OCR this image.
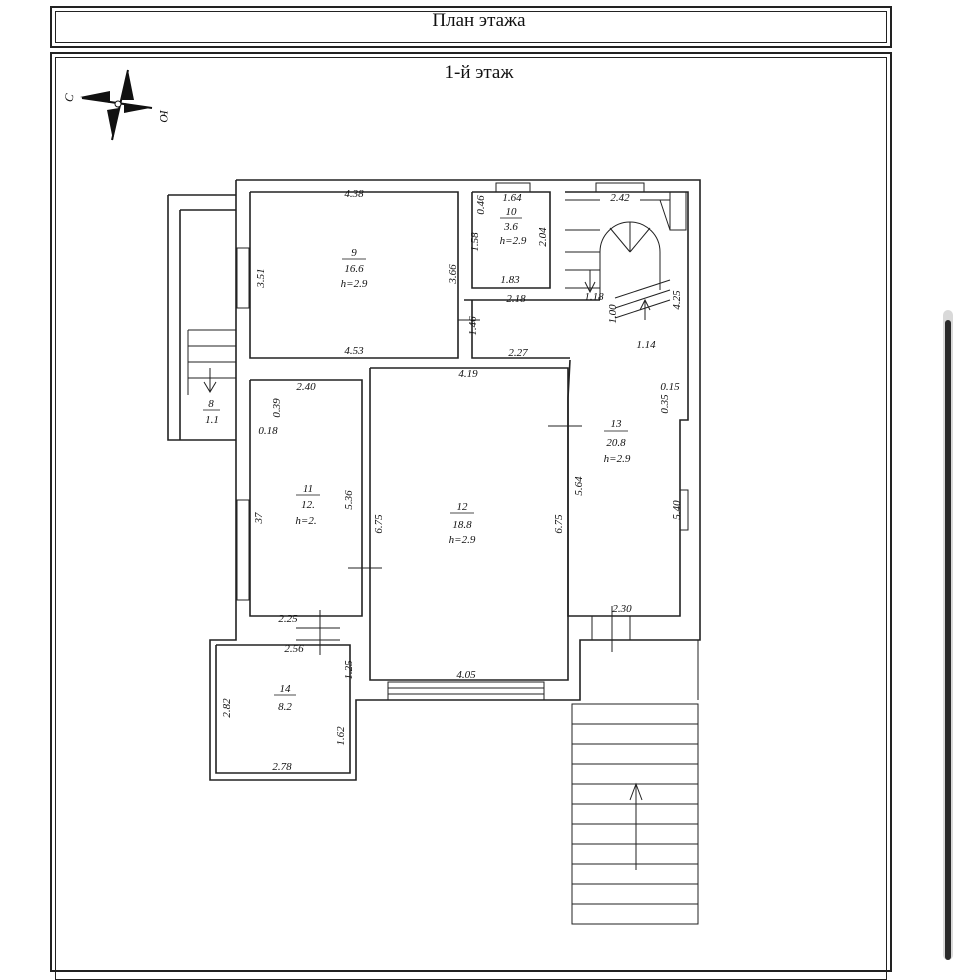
План этажа
1-й этаж
С
Ю
4.38
9
16.6
h=2.9
3.51	3.66
4.53
0.46 1.64
10
3.6
h=2.9
1.58	2.04
1.83
2.18
2.42
1.18
1.00
4.25
1.14
1.46
2.27
2.40
0.39
0.18
4.19
0.15
0.35
8
1.1	13
20.8
h=2.9
11
12.
h=2.
5.36
37	6.75
12
18.8
h=2.9
6.75
5.64
5.40
2.25
2.30
2.56
1.25	4.05
14
8.2
2.82
1.62
2.78
